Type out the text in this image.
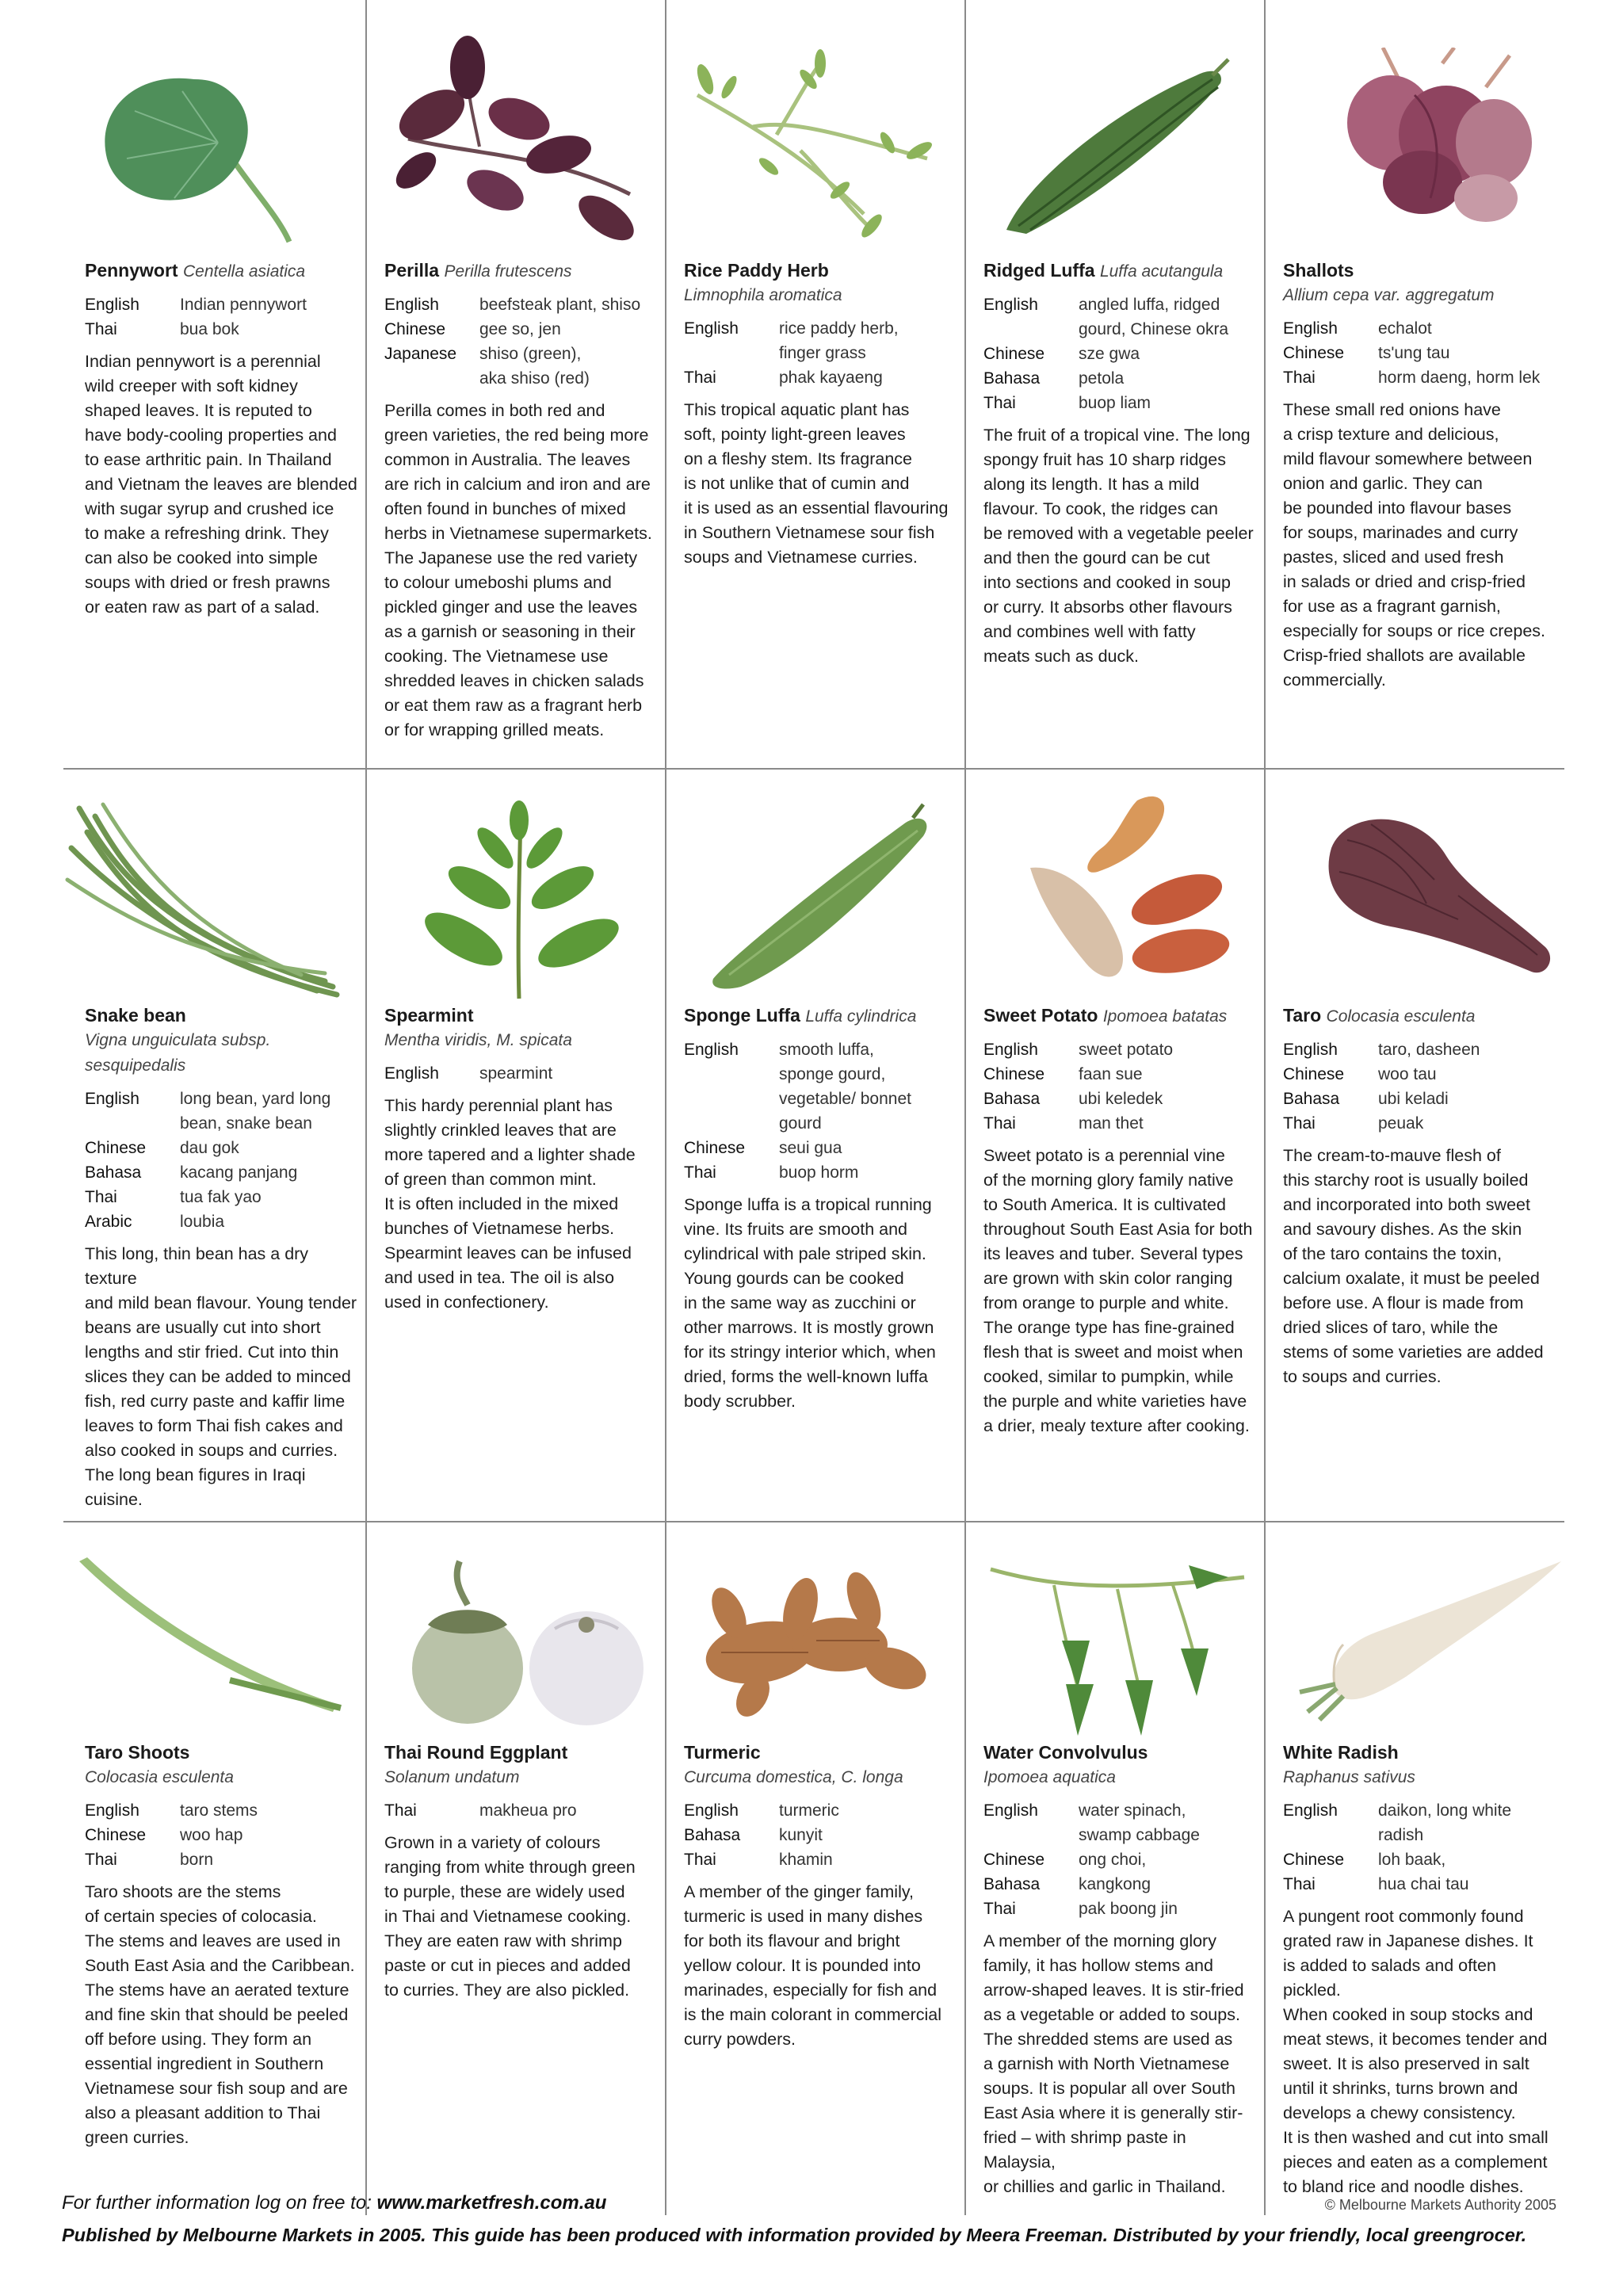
Pennywort Centella asiatica
English	Indian pennywort
Thai	bua bok
Indian pennywort is a perennial
wild creeper with soft kidney
shaped leaves. It is reputed to
have body-cooling properties and
to ease arthritic pain. In Thailand
and Vietnam the leaves are blended
with sugar syrup and crushed ice
to make a refreshing drink. They
can also be cooked into simple
soups with dried or fresh prawns
or eaten raw as part of a salad.
Perilla Perilla frutescens
English	beefsteak plant, shiso
Chinese	gee so, jen
Japanese	shiso (green),
aka shiso (red)
Perilla comes in both red and
green varieties, the red being more
common in Australia. The leaves
are rich in calcium and iron and are
often found in bunches of mixed
herbs in Vietnamese supermarkets.
The Japanese use the red variety
to colour umeboshi plums and
pickled ginger and use the leaves
as a garnish or seasoning in their
cooking. The Vietnamese use
shredded leaves in chicken salads
or eat them raw as a fragrant herb
or for wrapping grilled meats.
Rice Paddy Herb
Limnophila aromatica
English	rice paddy herb,
finger grass
Thai	phak kayaeng
This tropical aquatic plant has
soft, pointy light-green leaves
on a fleshy stem. Its fragrance
is not unlike that of cumin and
it is used as an essential flavouring
in Southern Vietnamese sour fish
soups and Vietnamese curries.
Ridged Luffa Luffa acutangula
English	angled luffa, ridged
gourd, Chinese okra
Chinese	sze gwa
Bahasa	petola
Thai	buop liam
The fruit of a tropical vine. The long
spongy fruit has 10 sharp ridges
along its length. It has a mild
flavour. To cook, the ridges can
be removed with a vegetable peeler
and then the gourd can be cut
into sections and cooked in soup
or curry. It absorbs other flavours
and combines well with fatty
meats such as duck.
Shallots
Allium cepa var. aggregatum
English	echalot
Chinese	ts'ung tau
Thai	horm daeng, horm lek
These small red onions have
a crisp texture and delicious,
mild flavour somewhere between
onion and garlic. They can
be pounded into flavour bases
for soups, marinades and curry
pastes, sliced and used fresh
in salads or dried and crisp-fried
for use as a fragrant garnish,
especially for soups or rice crepes.
Crisp-fried shallots are available
commercially.
Snake bean
Vigna unguiculata subsp.
sesquipedalis
English	long bean, yard long
bean, snake bean
Chinese	dau gok
Bahasa	kacang panjang
Thai	tua fak yao
Arabic	loubia
This long, thin bean has a dry texture
and mild bean flavour. Young tender
beans are usually cut into short
lengths and stir fried. Cut into thin
slices they can be added to minced
fish, red curry paste and kaffir lime
leaves to form Thai fish cakes and
also cooked in soups and curries.
The long bean figures in Iraqi cuisine.
Spearmint
Mentha viridis, M. spicata
English	spearmint
This hardy perennial plant has
slightly crinkled leaves that are
more tapered and a lighter shade
of green than common mint.
It is often included in the mixed
bunches of Vietnamese herbs.
Spearmint leaves can be infused
and used in tea. The oil is also
used in confectionery.
Sponge Luffa Luffa cylindrica
English	smooth luffa,
sponge gourd,
vegetable/ bonnet gourd
Chinese	seui gua
Thai	buop horm
Sponge luffa is a tropical running
vine. Its fruits are smooth and
cylindrical with pale striped skin.
Young gourds can be cooked
in the same way as zucchini or
other marrows. It is mostly grown
for its stringy interior which, when
dried, forms the well-known luffa
body scrubber.
Sweet Potato Ipomoea batatas
English	sweet potato
Chinese	faan sue
Bahasa	ubi keledek
Thai	man thet
Sweet potato is a perennial vine
of the morning glory family native
to South America. It is cultivated
throughout South East Asia for both
its leaves and tuber. Several types
are grown with skin color ranging
from orange to purple and white.
The orange type has fine-grained
flesh that is sweet and moist when
cooked, similar to pumpkin, while
the purple and white varieties have
a drier, mealy texture after cooking.
Taro Colocasia esculenta
English	taro, dasheen
Chinese	woo tau
Bahasa	ubi keladi
Thai	peuak
The cream-to-mauve flesh of
this starchy root is usually boiled
and incorporated into both sweet
and savoury dishes. As the skin
of the taro contains the toxin,
calcium oxalate, it must be peeled
before use. A flour is made from
dried slices of taro, while the
stems of some varieties are added
to soups and curries.
Taro Shoots
Colocasia esculenta
English	taro stems
Chinese	woo hap
Thai	born
Taro shoots are the stems
of certain species of colocasia.
The stems and leaves are used in
South East Asia and the Caribbean.
The stems have an aerated texture
and fine skin that should be peeled
off before using. They form an
essential ingredient in Southern
Vietnamese sour fish soup and are
also a pleasant addition to Thai
green curries.
Thai Round Eggplant
Solanum undatum
Thai	makheua pro
Grown in a variety of colours
ranging from white through green
to purple, these are widely used
in Thai and Vietnamese cooking.
They are eaten raw with shrimp
paste or cut in pieces and added
to curries. They are also pickled.
Turmeric
Curcuma domestica, C. longa
English	turmeric
Bahasa	kunyit
Thai	khamin
A member of the ginger family,
turmeric is used in many dishes
for both its flavour and bright
yellow colour. It is pounded into
marinades, especially for fish and
is the main colorant in commercial
curry powders.
Water Convolvulus
Ipomoea aquatica
English	water spinach,
swamp cabbage
Chinese	ong choi,
Bahasa	kangkong
Thai	pak boong jin
A member of the morning glory
family, it has hollow stems and
arrow-shaped leaves. It is stir-fried
as a vegetable or added to soups.
The shredded stems are used as
a garnish with North Vietnamese
soups. It is popular all over South
East Asia where it is generally stir-
fried – with shrimp paste in Malaysia,
or chillies and garlic in Thailand.
White Radish
Raphanus sativus
English	daikon, long white
radish
Chinese	loh baak,
Thai	hua chai tau
A pungent root commonly found
grated raw in Japanese dishes. It
is added to salads and often pickled.
When cooked in soup stocks and
meat stews, it becomes tender and
sweet. It is also preserved in salt
until it shrinks, turns brown and
develops a chewy consistency.
It is then washed and cut into small
pieces and eaten as a complement
to bland rice and noodle dishes.
For further information log on free to: www.marketfresh.com.au	© Melbourne Markets Authority 2005
Published by Melbourne Markets in 2005. This guide has been produced with information provided by Meera Freeman. Distributed by your friendly, local greengrocer.
